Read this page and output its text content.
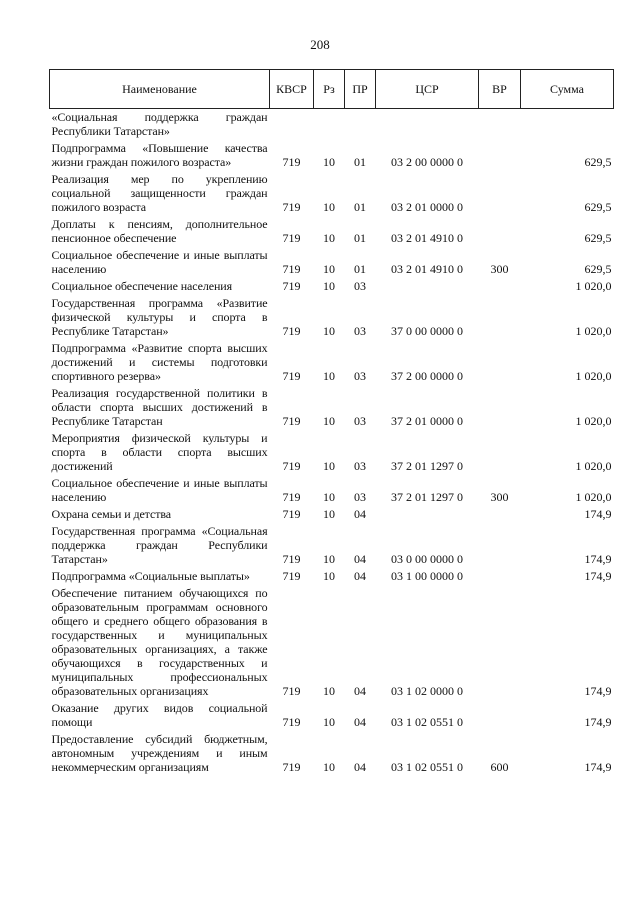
208
Наименование	КВСР	Рз	ПР	ЦСР	ВР	Сумма
«Социальная поддержка граждан Республики Татарстан»						
Подпрограмма «Повышение качества жизни граждан пожилого возраста»	719	10	01	03 2 00 0000 0		629,5
Реализация мер по укреплению социальной защищенности граждан пожилого возраста	719	10	01	03 2 01 0000 0		629,5
Доплаты к пенсиям, дополнительное пенсионное обеспечение	719	10	01	03 2 01 4910 0		629,5
Социальное обеспечение и иные выплаты населению	719	10	01	03 2 01 4910 0	300	629,5
Социальное обеспечение населения	719	10	03			1 020,0
Государственная программа «Развитие физической культуры и спорта в Республике Татарстан»	719	10	03	37 0 00 0000 0		1 020,0
Подпрограмма «Развитие спорта высших достижений и системы подготовки спортивного резерва»	719	10	03	37 2 00 0000 0		1 020,0
Реализация государственной политики в области спорта высших достижений в Республике Татарстан	719	10	03	37 2 01 0000 0		1 020,0
Мероприятия физической культуры и спорта в области спорта высших достижений	719	10	03	37 2 01 1297 0		1 020,0
Социальное обеспечение и иные выплаты населению	719	10	03	37 2 01 1297 0	300	1 020,0
Охрана семьи и детства	719	10	04			174,9
Государственная программа «Социальная поддержка граждан Республики Татарстан»	719	10	04	03 0 00 0000 0		174,9
Подпрограмма «Социальные выплаты»	719	10	04	03 1 00 0000 0		174,9
Обеспечение питанием обучающихся по образовательным программам основного общего и среднего общего образования в государственных и муниципальных образовательных организациях, а также обучающихся в государственных и муниципальных профессиональных образовательных организациях	719	10	04	03 1 02 0000 0		174,9
Оказание других видов социальной помощи	719	10	04	03 1 02 0551 0		174,9
Предоставление субсидий бюджетным, автономным учреждениям и иным некоммерческим организациям	719	10	04	03 1 02 0551 0	600	174,9
